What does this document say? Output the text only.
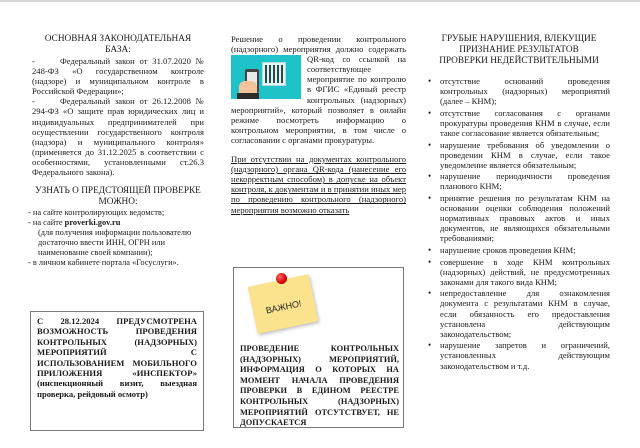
ОСНОВНАЯ ЗАКОНОДАТЕЛЬНАЯ
БАЗА:

-	Федеральный закон от 31.07.2020 № 248-ФЗ «О государственном контроле (надзоре) и муниципальном контроле в Российской Федерации»;

-	Федеральный закон от 26.12.2008 № 294-ФЗ «О защите прав юридических лиц и индивидуальных предпринимателей при осуществлении государственного контроля (надзора) и муниципального контроля» (применяется до 31.12.2025 в соответствии с особенностями, установленными ст.26.3 Федерального закона).

УЗНАТЬ О ПРЕДСТОЯЩЕЙ ПРОВЕРКЕ
МОЖНО:
- на сайте контролирующих ведомств;
- на сайте proverki.gov.ru
(для получения информации пользователю достаточно ввести ИНН, ОГРН или наименование своей компании);
- в личном кабинете портала «Госуслуги».
С 28.12.2024 ПРЕДУСМОТРЕНА ВОЗМОЖНОСТЬ ПРОВЕДЕНИЯ КОНТРОЛЬНЫХ (НАДЗОРНЫХ) МЕРОПРИЯТИЙ С ИСПОЛЬЗОВАНИЕМ МОБИЛЬНОГО ПРИЛОЖЕНИЯ «ИНСПЕКТОР» (инспекционный визит, выездная проверка, рейдовый осмотр)

Решение о проведении контрольного (надзорного) мероприятия должно содержать QR-код со ссылкой на
соответствующее мероприятие по контролю в ФГИС «Единый реестр контрольных (надзорных) мероприятий», который позволяет в онлайн режиме посмотреть информацию о контрольном мероприятии, в том числе о согласовании с органами прокуратуры.

При отсутствии на документах контрольного (надзорного) органа QR-кода (нанесение его некорректным способом) в допуске на объект контроля, к документам и в принятии иных мер по проведению контрольного (надзорного) мероприятия возможно отказать

ВАЖНО!
ПРОВЕДЕНИЕ КОНТРОЛЬНЫХ (НАДЗОРНЫХ) МЕРОПРИЯТИЙ, ИНФОРМАЦИЯ О КОТОРЫХ НА МОМЕНТ НАЧАЛА ПРОВЕДЕНИЯ ПРОВЕРКИ В ЕДИНОМ РЕЕСТРЕ КОНТРОЛЬНЫХ (НАДЗОРНЫХ) МЕРОПРИЯТИЙ ОТСУТСТВУЕТ, НЕ ДОПУСКАЕТСЯ
ГРУБЫЕ НАРУШЕНИЯ, ВЛЕКУЩИЕ
ПРИЗНАНИЕ РЕЗУЛЬТАТОВ
ПРОВЕРКИ НЕДЕЙСТВИТЕЛЬНЫМИ
• отсутствие оснований проведения контрольных (надзорных) мероприятий (далее – КНМ);
• отсутствие согласования с органами прокуратуры проведения КНМ в случае, если такое согласование является обязательным;
• нарушение требования об уведомлении о проведении КНМ в случае, если такое уведомление является обязательным;
• нарушение периодичности проведения планового КНМ;
• принятие решения по результатам КНМ на основании оценки соблюдения положений нормативных правовых актов и иных документов, не являющихся обязательными требованиями;
• нарушение сроков проведения КНМ;
• совершение в ходе КНМ контрольных (надзорных) действий, не предусмотренных законами для такого вида КНМ;
• непредоставление для ознакомления документа с результатами КНМ в случае, если обязанность его предоставления установлена действующим законодательством;
• нарушение запретов и ограничений, установленных действующим законодательством и т.д.
